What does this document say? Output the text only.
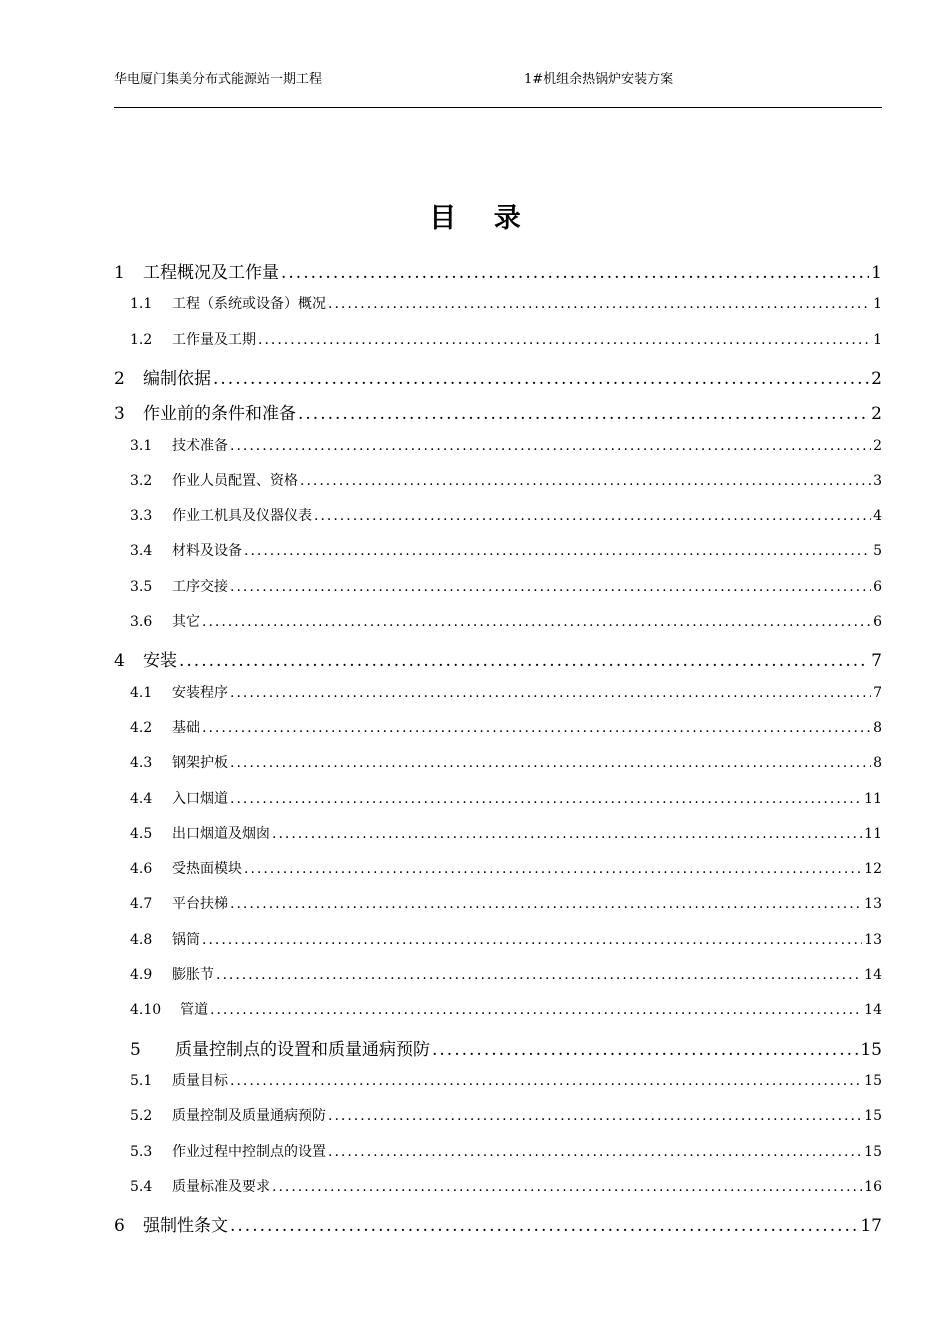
华电厦门集美分布式能源站一期工程	1#机组余热锅炉安装方案
目 录
1	工程概况及工作量 .....	1
1.1	工程（系统或设备）概况 .....	1
1.2	工作量及工期 .....	1
2	编制依据 .....	2
3	作业前的条件和准备 .....	2
3.1	技术准备 .....	2
3.2	作业人员配置、资格 .....	3
3.3	作业工机具及仪器仪表 .....	4
3.4	材料及设备 .....	5
3.5	工序交接 .....	6
3.6	其它 .....	6
4	安装 .....	7
4.1	安装程序 .....	7
4.2	基础 .....	8
4.3	钢架护板 .....	8
4.4	入口烟道 .....	11
4.5	出口烟道及烟囱 .....	11
4.6	受热面模块 .....	12
4.7	平台扶梯 .....	13
4.8	锅筒 .....	13
4.9	膨胀节 .....	14
4.10	管道 .....	14
5	质量控制点的设置和质量通病预防 .....	15
5.1	质量目标 .....	15
5.2	质量控制及质量通病预防 .....	15
5.3	作业过程中控制点的设置 .....	15
5.4	质量标准及要求 .....	16
6	强制性条文 .....	17
